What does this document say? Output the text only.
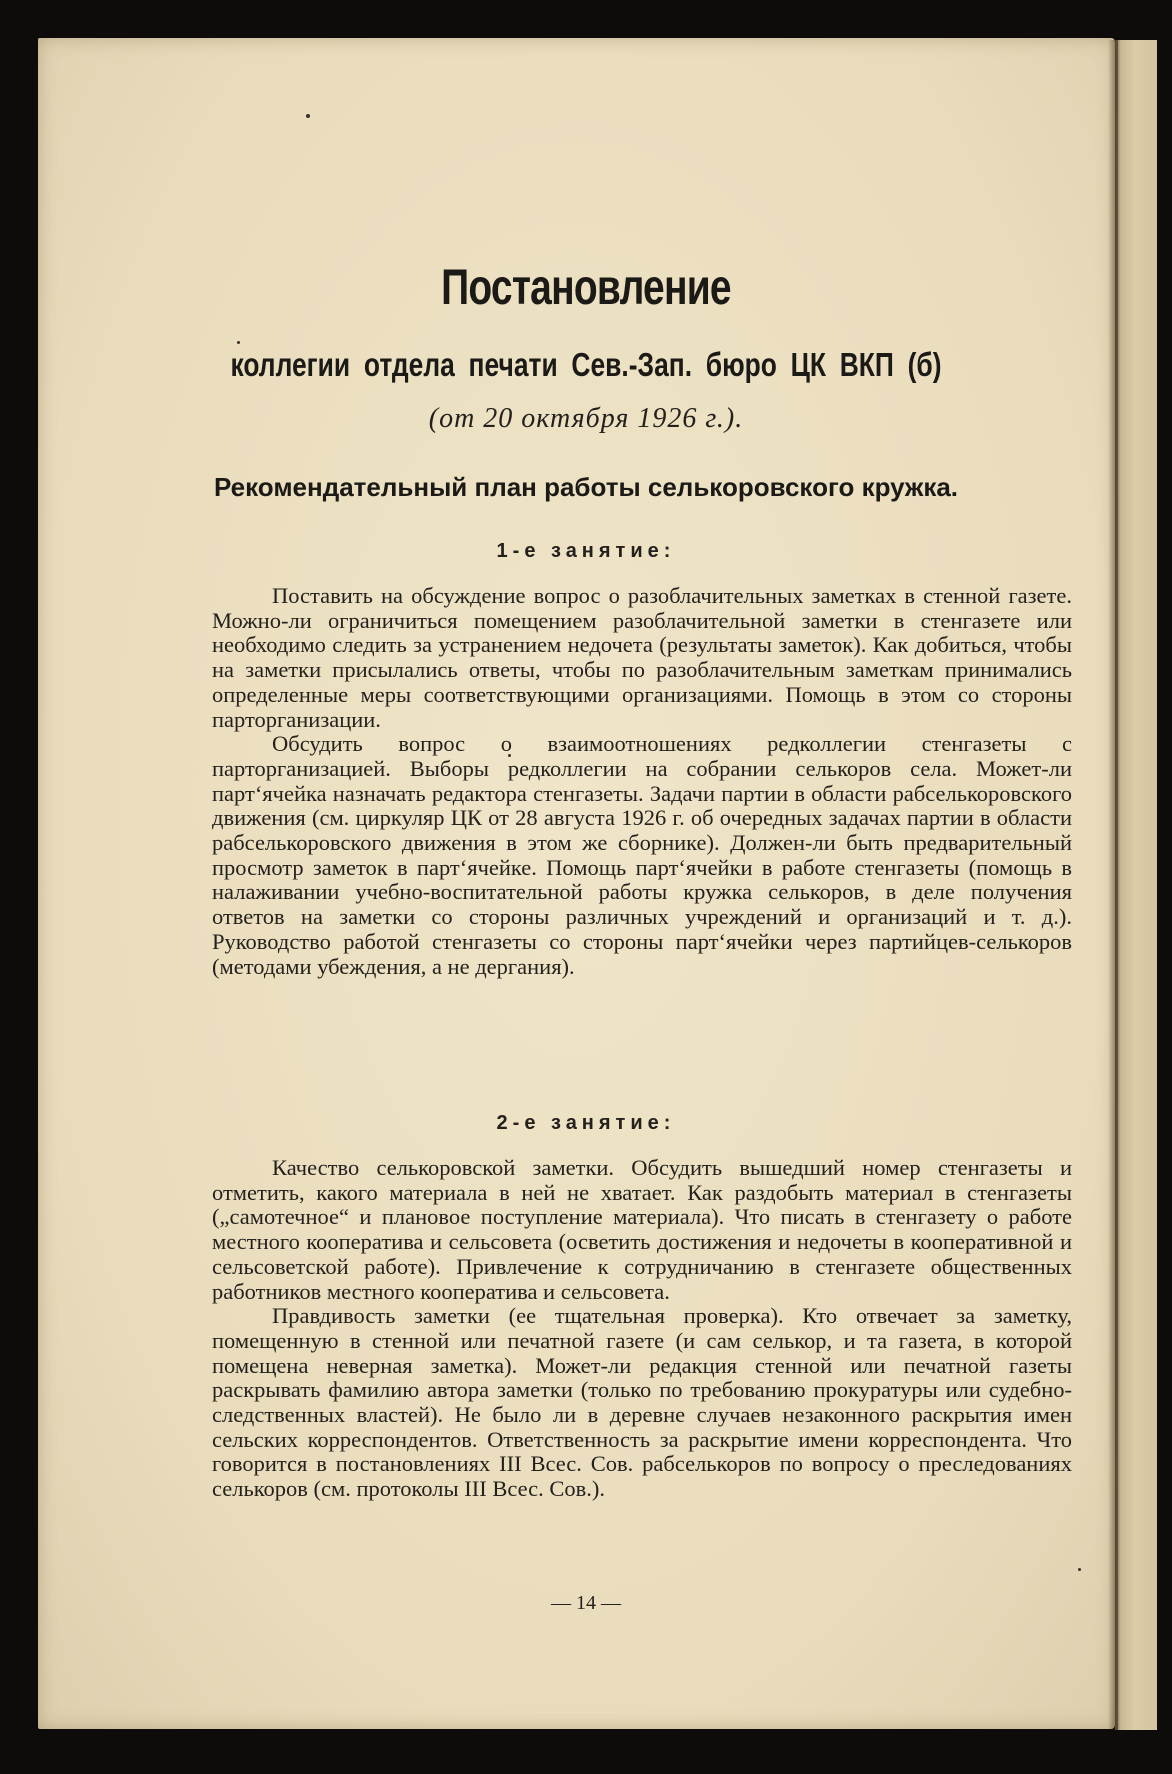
Постановление
коллегии отдела печати Сев.-Зап. бюро ЦК ВКП (б)
(от 20 октября 1926 г.).
Рекомендательный план работы селькоровского кружка.
1-е занятие:

Поставить на обсуждение вопрос о разоблачительных заметках в стенной газете. Можно-ли ограничиться помещением разоблачительной заметки в стенгазете или необходимо следить за устранением недочета (результаты заметок). Как добиться, чтобы на заметки присылались ответы, чтобы по разоблачительным заметкам принимались определенные меры соответствующими организациями. Помощь в этом со стороны парторганизации.

Обсудить вопрос о взаимоотношениях редколлегии стенгазеты с парторганизацией. Выборы редколлегии на собрании селькоров села. Может-ли парт‘ячейка назначать редактора стенгазеты. Задачи партии в области рабселькоровского движения (см. циркуляр ЦК от 28 августа 1926 г. об очередных задачах партии в области рабселькоровского движения в этом же сборнике). Должен-ли быть предварительный просмотр заметок в парт‘ячейке. Помощь парт‘ячейки в работе стенгазеты (помощь в налаживании учебно-воспитательной работы кружка селькоров, в деле получения ответов на заметки со стороны различных учреждений и организаций и т. д.). Руководство работой стенгазеты со стороны парт‘ячейки через партийцев-селькоров (методами убеждения, а не дергания).

2-е занятие:

Качество селькоровской заметки. Обсудить вышедший номер стенгазеты и отметить, какого материала в ней не хватает. Как раздобыть материал в стенгазеты („самотечное“ и плановое поступление материала). Что писать в стенгазету о работе местного кооператива и сельсовета (осветить достижения и недочеты в кооперативной и сельсоветской работе). Привлечение к сотрудничанию в стенгазете общественных работников местного кооператива и сельсовета.

Правдивость заметки (ее тщательная проверка). Кто отвечает за заметку, помещенную в стенной или печатной газете (и сам селькор, и та газета, в которой помещена неверная заметка). Может-ли редакция стенной или печатной газеты раскрывать фамилию автора заметки (только по требованию прокуратуры или судебно-следственных властей). Не было ли в деревне случаев незаконного раскрытия имен сельских корреспондентов. Ответственность за раскрытие имени корреспондента. Что говорится в постановлениях III Всес. Сов. рабселькоров по вопросу о преследованиях селькоров (см. протоколы III Всес. Сов.).

— 14 —
